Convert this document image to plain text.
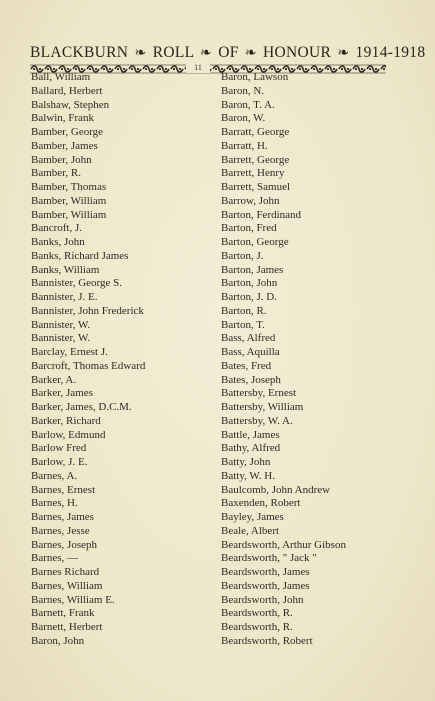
BLACKBURN ❧ ROLL ❧ OF ❧ HONOUR ❧ 1914-1918
11
Ball, William
Ballard, Herbert
Balshaw, Stephen
Balwin, Frank
Bamber, George
Bamber, James
Bamber, John
Bamber, R.
Bamber, Thomas
Bamber, William
Bamber, William
Bancroft, J.
Banks, John
Banks, Richard James
Banks, William
Bannister, George S.
Bannister, J. E.
Bannister, John Frederick
Bannister, W.
Bannister, W.
Barclay, Ernest J.
Barcroft, Thomas Edward
Barker, A.
Barker, James
Barker, James, D.C.M.
Barker, Richard
Barlow, Edmund
Barlow Fred
Barlow, J. E.
Barnes, A.
Barnes, Ernest
Barnes, H.
Barnes, James
Barnes, Jesse
Barnes, Joseph
Barnes, —
Barnes Richard
Barnes, William
Barnes, William E.
Barnett, Frank
Barnett, Herbert
Baron, John
Baron, Lawson
Baron, N.
Baron, T. A.
Baron, W.
Barratt, George
Barratt, H.
Barrett, George
Barrett, Henry
Barrett, Samuel
Barrow, John
Barton, Ferdinand
Barton, Fred
Barton, George
Barton, J.
Barton, James
Barton, John
Barton, J. D.
Barton, R.
Barton, T.
Bass, Alfred
Bass, Aquilla
Bates, Fred
Bates, Joseph
Battersby, Ernest
Battersby, William
Battersby, W. A.
Battle, James
Bathy, Alfred
Batty, John
Batty, W. H.
Baulcomb, John Andrew
Baxenden, Robert
Bayley, James
Beale, Albert
Beardsworth, Arthur Gibson
Beardsworth, " Jack "
Beardsworth, James
Beardsworth, James
Beardsworth, John
Beardsworth, R.
Beardsworth, R.
Beardsworth, Robert
